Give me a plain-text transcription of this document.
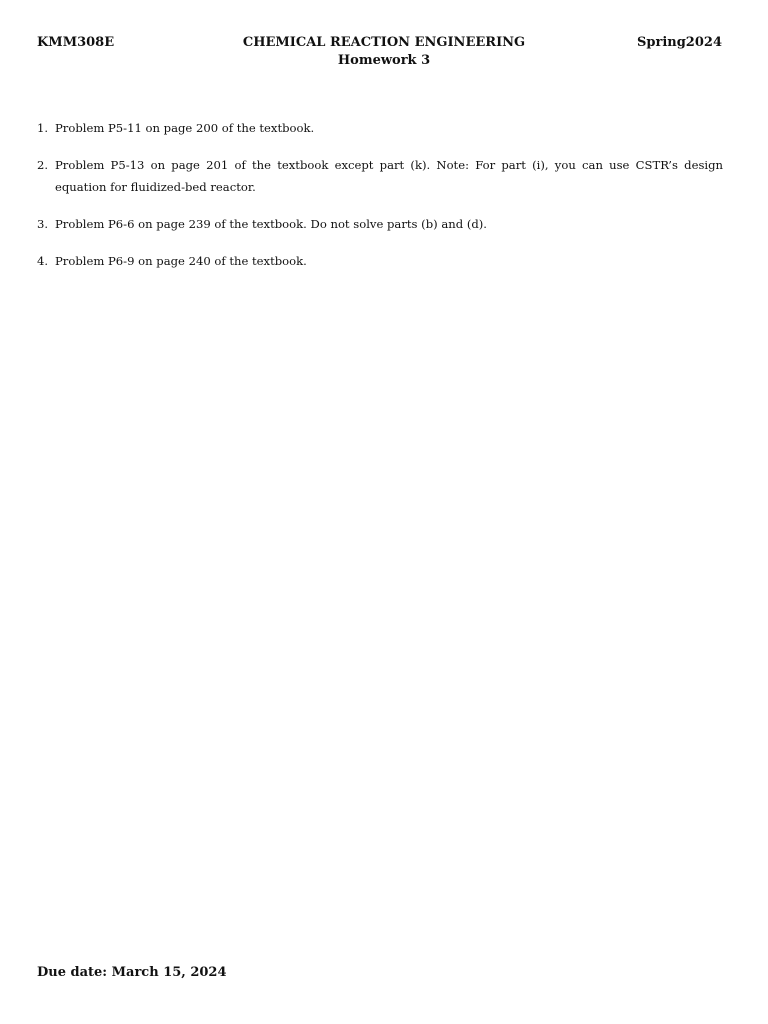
KMM308E	CHEMICAL REACTION ENGINEERING
Homework 3
Spring2024
1. Problem P5-11 on page 200 of the textbook.
2. Problem P5-13 on page 201 of the textbook except part (k). Note: For part (i), you can use CSTR’s design equation for fluidized-bed reactor.
3. Problem P6-6 on page 239 of the textbook. Do not solve parts (b) and (d).
4. Problem P6-9 on page 240 of the textbook.
Due date: March 15, 2024
